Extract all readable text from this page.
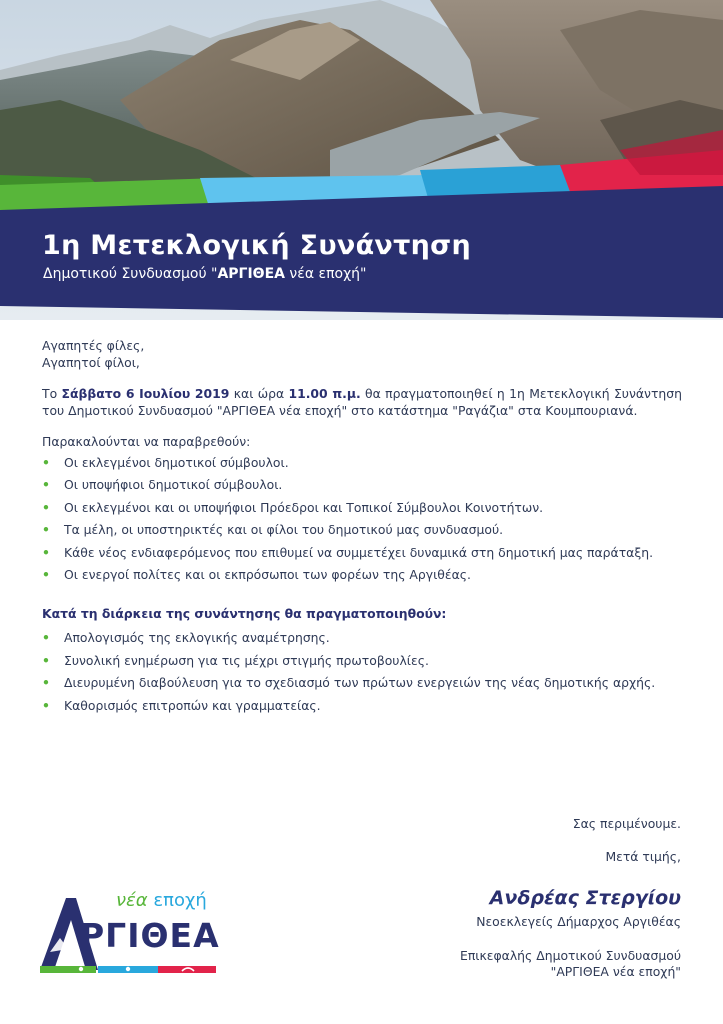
1η Μετεκλογική Συνάντηση
Δημοτικού Συνδυασμού "ΑΡΓΙΘΕΑ νέα εποχή"
Αγαπητές φίλες,
Αγαπητοί φίλοι,

Το Σάββατο 6 Ιουλίου 2019 και ώρα 11.00 π.μ. θα πραγματοποιηθεί η 1η Μετεκλογική Συνάντηση του Δημοτικού Συνδυασμού "ΑΡΓΙΘΕΑ νέα εποχή" στο κατάστημα "Ραγάζια" στα Κουμπουριανά.

Παρακαλούνται να παραβρεθούν:
• Οι εκλεγμένοι δημοτικοί σύμβουλοι.
• Οι υποψήφιοι δημοτικοί σύμβουλοι.
• Οι εκλεγμένοι και οι υποψήφιοι Πρόεδροι και Τοπικοί Σύμβουλοι Κοινοτήτων.
• Τα μέλη, οι υποστηρικτές και οι φίλοι του δημοτικού μας συνδυασμού.
• Κάθε νέος ενδιαφερόμενος που επιθυμεί να συμμετέχει δυναμικά στη δημοτική μας παράταξη.
• Οι ενεργοί πολίτες και οι εκπρόσωποι των φορέων της Αργιθέας.
Κατά τη διάρκεια της συνάντησης θα πραγματοποιηθούν:
• Απολογισμός της εκλογικής αναμέτρησης.
• Συνολική ενημέρωση για τις μέχρι στιγμής πρωτοβουλίες.
• Διευρυμένη διαβούλευση για το σχεδιασμό των πρώτων ενεργειών της νέας δημοτικής αρχής.
• Καθορισμός επιτροπών και γραμματείας.
Σας περιμένουμε.
Μετά τιμής,
Ανδρέας Στεργίου
Νεοεκλεγείς Δήμαρχος Αργιθέας
Επικεφαλής Δημοτικού Συνδυασμού
"ΑΡΓΙΘΕΑ νέα εποχή"
νέα εποχή
ΡΓΙΘΕΑ
